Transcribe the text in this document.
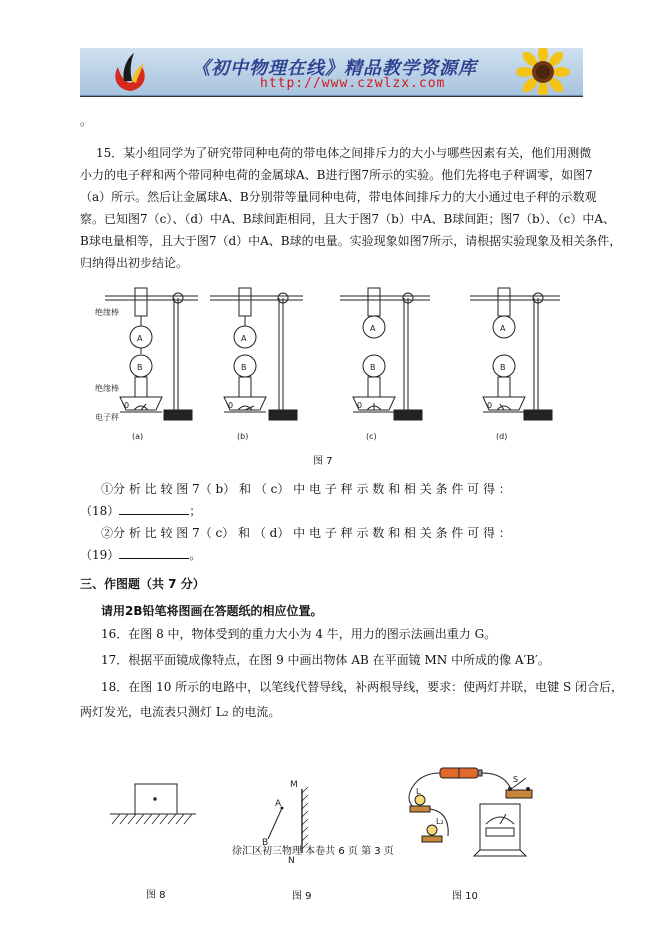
《初中物理在线》精品教学资源库
http://www.czwlzx.com
。
15．某小组同学为了研究带同种电荷的带电体之间排斥力的大小与哪些因素有关，他们用测微
小力的电子秤和两个带同种电荷的金属球A、B进行图7所示的实验。他们先将电子秤调零，如图7
（a）所示。然后让金属球A、B分别带等量同种电荷，带电体间排斥力的大小通过电子秤的示数观
察。已知图7（c）、（d）中A、B球间距相同，且大于图7（b）中A、B球间距；图7（b）、（c）中A、
B球电量相等，且大于图7（d）中A、B球的电量。实验现象如图7所示，请根据实验现象及相关条件，
归纳得出初步结论。
绝缘棒
绝缘棒
电子秤
A
B
0
A
B
0
A
B
0
A
B
0
(a)	(b)	(c)	(d)
图 7
①分 析 比 较 图 7（ b） 和 （ c） 中 电 子 秤 示 数 和 相 关 条 件 可 得 ：
（18）	；
②分 析 比 较 图 7（ c） 和 （ d） 中 电 子 秤 示 数 和 相 关 条 件 可 得 ：
（19）	。
三、作图题（共 7 分）
请用2B铅笔将图画在答题纸的相应位置。
16．在图 8 中，物体受到的重力大小为 4 牛，用力的图示法画出重力 G。
17．根据平面镜成像特点，在图 9 中画出物体 AB 在平面镜 MN 中所成的像 A′B′。
18．在图 10 所示的电路中，以笔线代替导线，补两根导线，要求：使两灯并联，电键 S 闭合后，
两灯发光，电流表只测灯 L₂ 的电流。
M
A
B
N
S
L
L₂
徐汇区初三物理 本卷共 6 页 第 3 页
图 8	图 9	图 10
